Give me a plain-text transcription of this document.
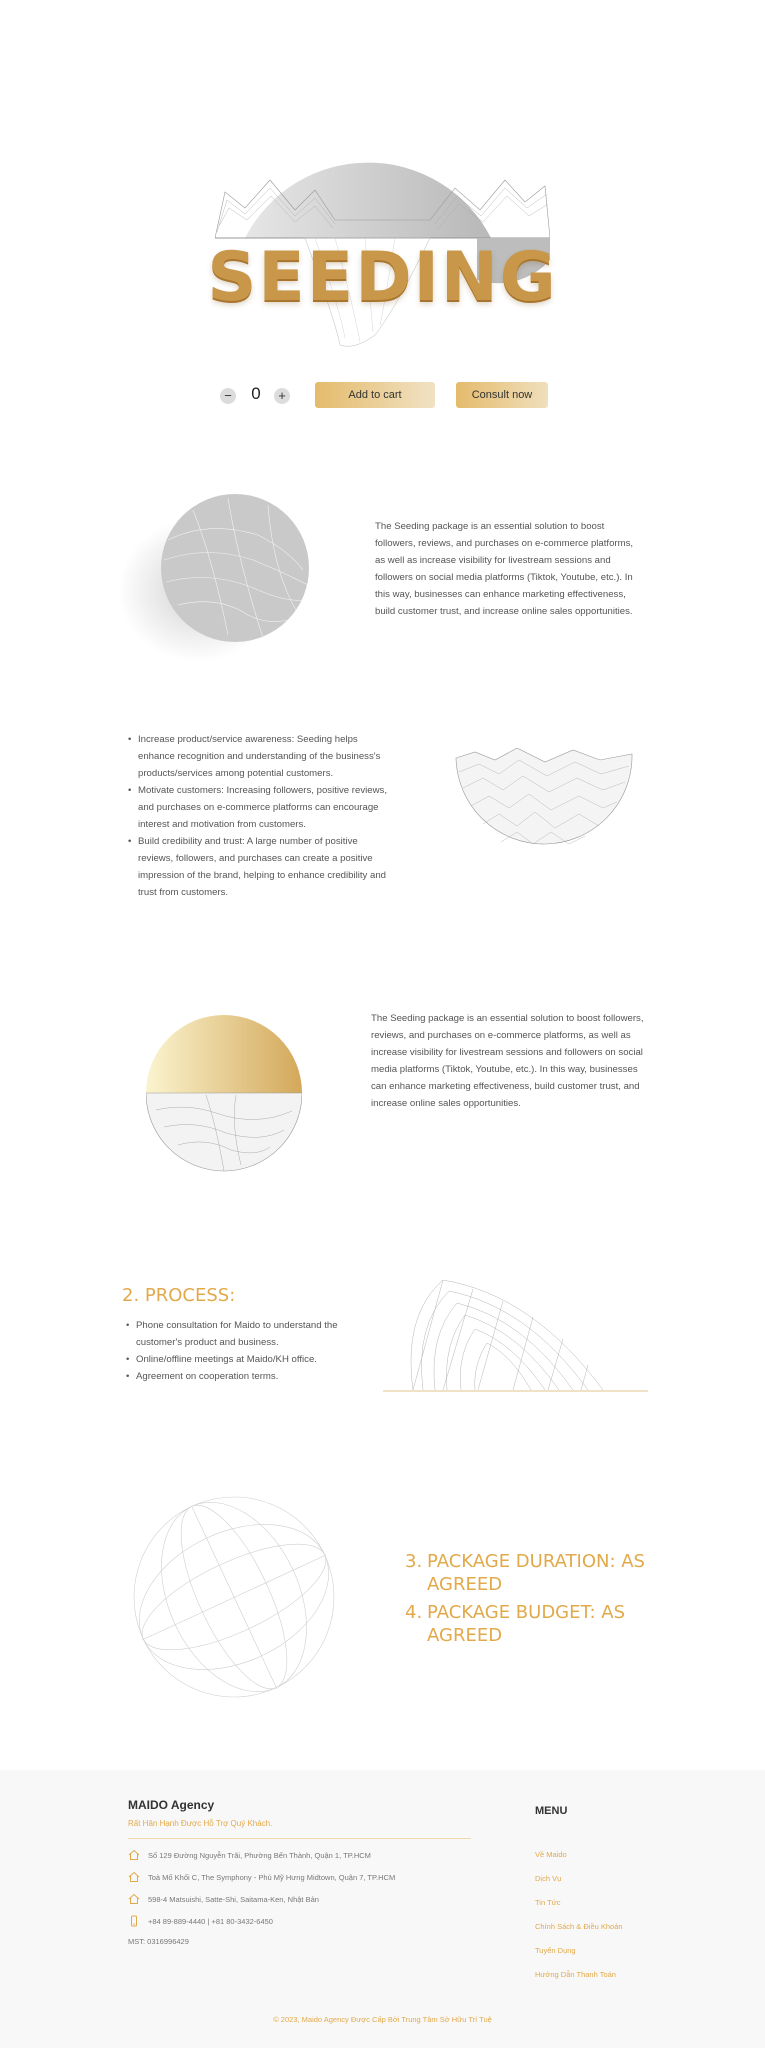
SEEDING
−	0	+	Add to cart	Consult now
The Seeding package is an essential solution to boost followers, reviews, and purchases on e-commerce platforms, as well as increase visibility for livestream sessions and followers on social media platforms (Tiktok, Youtube, etc.). In this way, businesses can enhance marketing effectiveness, build customer trust, and increase online sales opportunities.
• Increase product/service awareness: Seeding helps enhance recognition and understanding of the business's products/services among potential customers.
• Motivate customers: Increasing followers, positive reviews, and purchases on e-commerce platforms can encourage interest and motivation from customers.
• Build credibility and trust: A large number of positive reviews, followers, and purchases can create a positive impression of the brand, helping to enhance credibility and trust from customers.
The Seeding package is an essential solution to boost followers, reviews, and purchases on e-commerce platforms, as well as increase visibility for livestream sessions and followers on social media platforms (Tiktok, Youtube, etc.). In this way, businesses can enhance marketing effectiveness, build customer trust, and increase online sales opportunities.
2. PROCESS:
• Phone consultation for Maido to understand the customer's product and business.
• Online/offline meetings at Maido/KH office.
• Agreement on cooperation terms.
3. PACKAGE DURATION: AS AGREED
4. PACKAGE BUDGET: AS AGREED
MAIDO Agency
Rất Hân Hạnh Được Hỗ Trợ Quý Khách.
Số 129 Đường Nguyễn Trãi, Phường Bến Thành, Quận 1, TP.HCM
Toà Mố Khối C, The Symphony - Phú Mỹ Hưng Midtown, Quận 7, TP.HCM
598-4 Matsuishi, Satte-Shi, Saitama-Ken, Nhật Bản
+84 89-889-4440 | +81 80-3432-6450
MST: 0316996429
MENU
Về Maido
Dịch Vụ
Tin Tức
Chính Sách & Điều Khoản
Tuyển Dụng
Hướng Dẫn Thanh Toán
© 2023, Maido Agency Được Cấp Bởi Trung Tâm Sở Hữu Trí Tuệ
